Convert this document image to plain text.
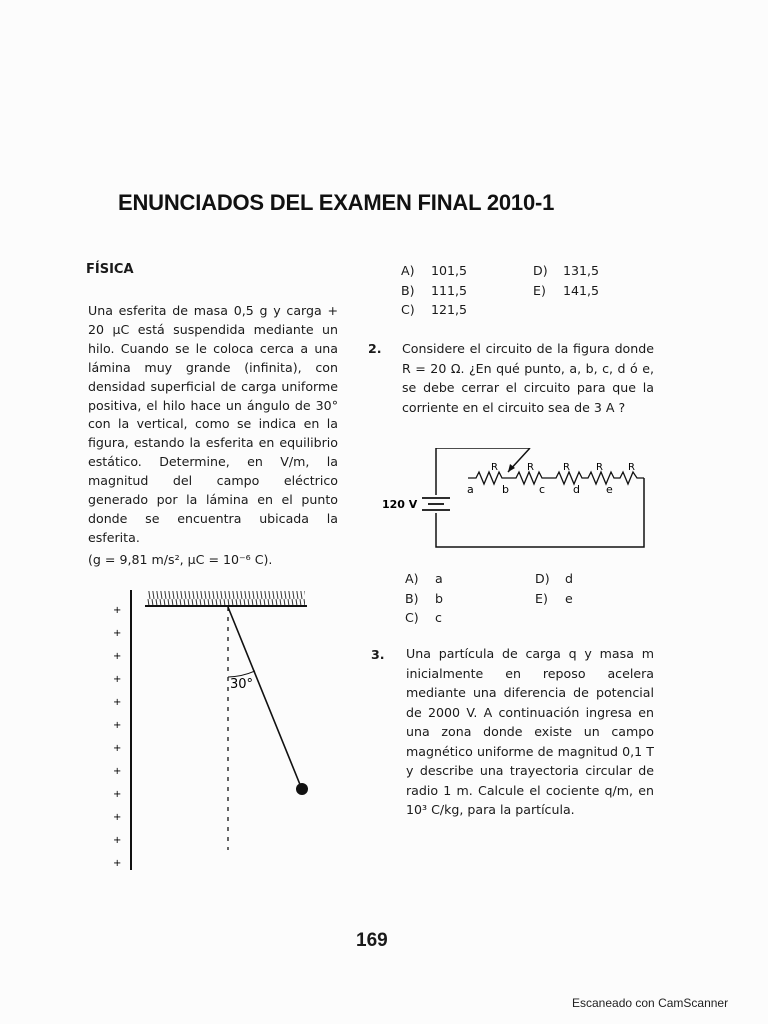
ENUNCIADOS DEL EXAMEN FINAL 2010-1
FÍSICA
Una esferita de masa 0,5 g y carga + 20 μC está suspendida mediante un hilo. Cuando se le coloca cerca a una lámina muy grande (infinita), con densidad superficial de carga uniforme positiva, el hilo hace un ángulo de 30° con la vertical, como se indica en la figura, estando la esferita en equilibrio estático. Determine, en V/m, la magnitud del campo eléctrico generado por la lámina en el punto donde se encuentra ubicada la esferita.
(g = 9,81 m/s², μC = 10⁻⁶ C).
+
+
+
+
+
+
+
+
+
+
+
+
30°
A)	101,5
B)	111,5
C)	121,5
D)	131,5
E)	141,5
2. Considere el circuito de la figura donde R = 20 Ω. ¿En qué punto, a, b, c, d ó e, se debe cerrar el circuito para que la corriente en el circuito sea de 3 A ?
120 V
R	R	R	R	R
a	b	c	d e
A)	a
B)	b
C)	c
D)	d
E)	e
3. Una partícula de carga q y masa m inicialmente en reposo acelera mediante una diferencia de potencial de 2000 V. A continuación ingresa en una zona donde existe un campo magnético uniforme de magnitud 0,1 T y describe una trayectoria circular de radio 1 m. Calcule el cociente q/m, en 10³ C/kg, para la partícula.
169
Escaneado con CamScanner
